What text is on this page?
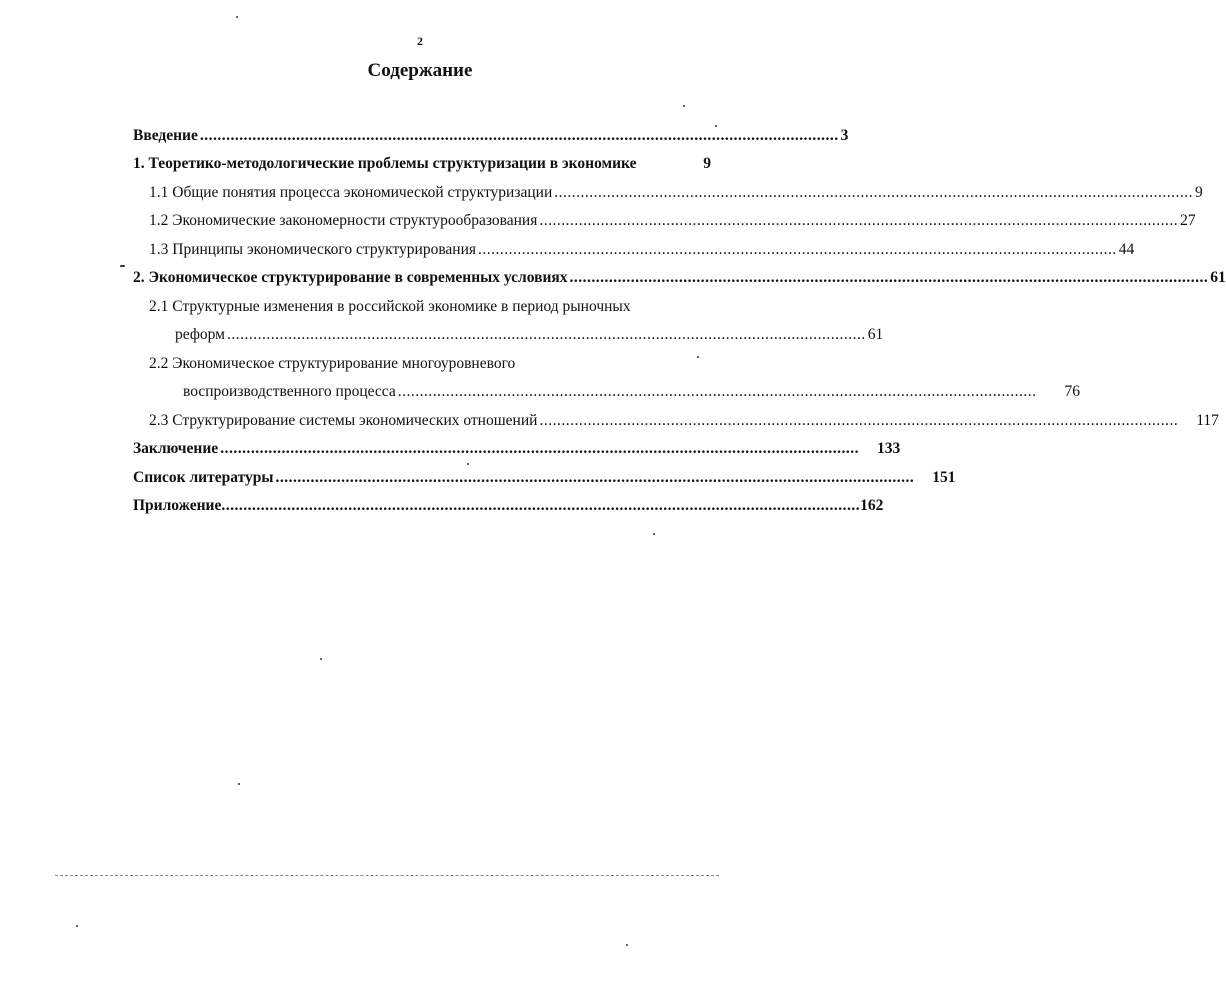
2
Содержание
Введение .................................................................................................................................................. 3
1. Теоретико-методологические проблемы структуризации в экономике	9
1.1 Общие понятия процесса экономической структуризации .................................................................................................................................................. 9
1.2 Экономические закономерности структурообразования .................................................................................................................................................. 27
1.3 Принципы экономического структурирования .................................................................................................................................................. 44
2. Экономическое структурирование в современных условиях .................................................................................................................................................. 61
2.1 Структурные изменения в российской экономике в период рыночных
реформ .................................................................................................................................................. 61
2.2 Экономическое структурирование многоуровневого
воспроизводственного процесса .................................................................................................................................................. 76
2.3 Структурирование системы экономических отношений .................................................................................................................................................. 117
Заключение .................................................................................................................................................. 133
Список литературы .................................................................................................................................................. 151
Приложение .................................................................................................................................................. 162
